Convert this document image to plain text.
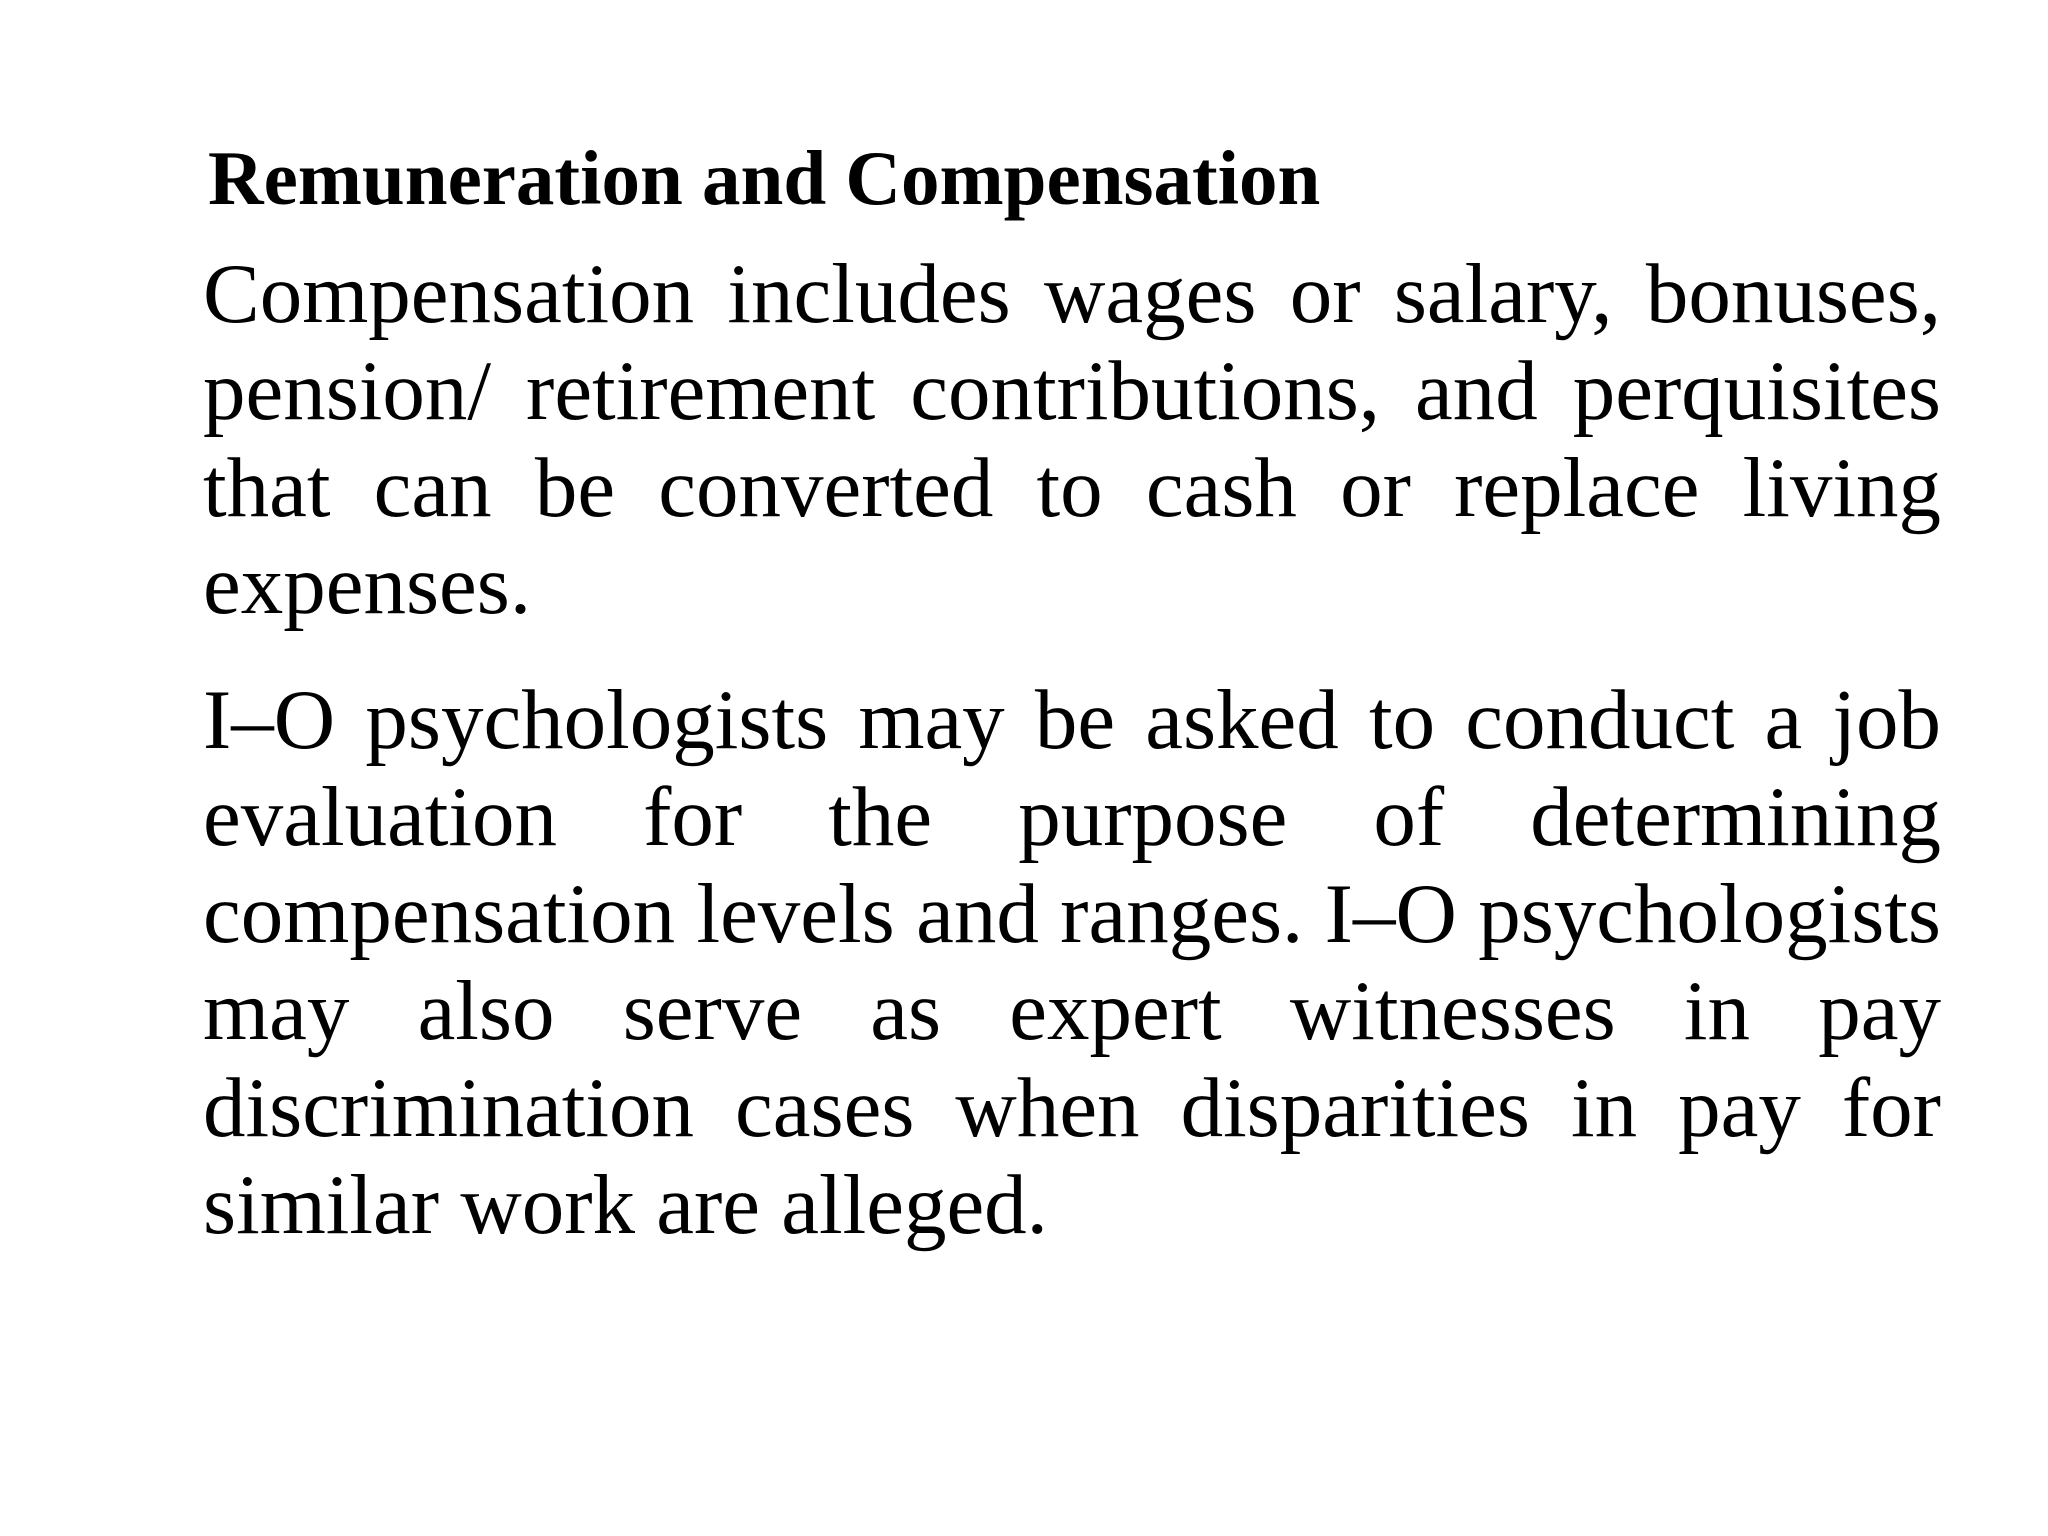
Remuneration and Compensation

Compensation includes wages or salary, bonuses, pension/ retirement contributions, and perquisites that can be converted to cash or replace living expenses.

I–O psychologists may be asked to conduct a job evaluation for the purpose of determining compensation levels and ranges. I–O psychologists may also serve as expert witnesses in pay discrimination cases when disparities in pay for similar work are alleged.
